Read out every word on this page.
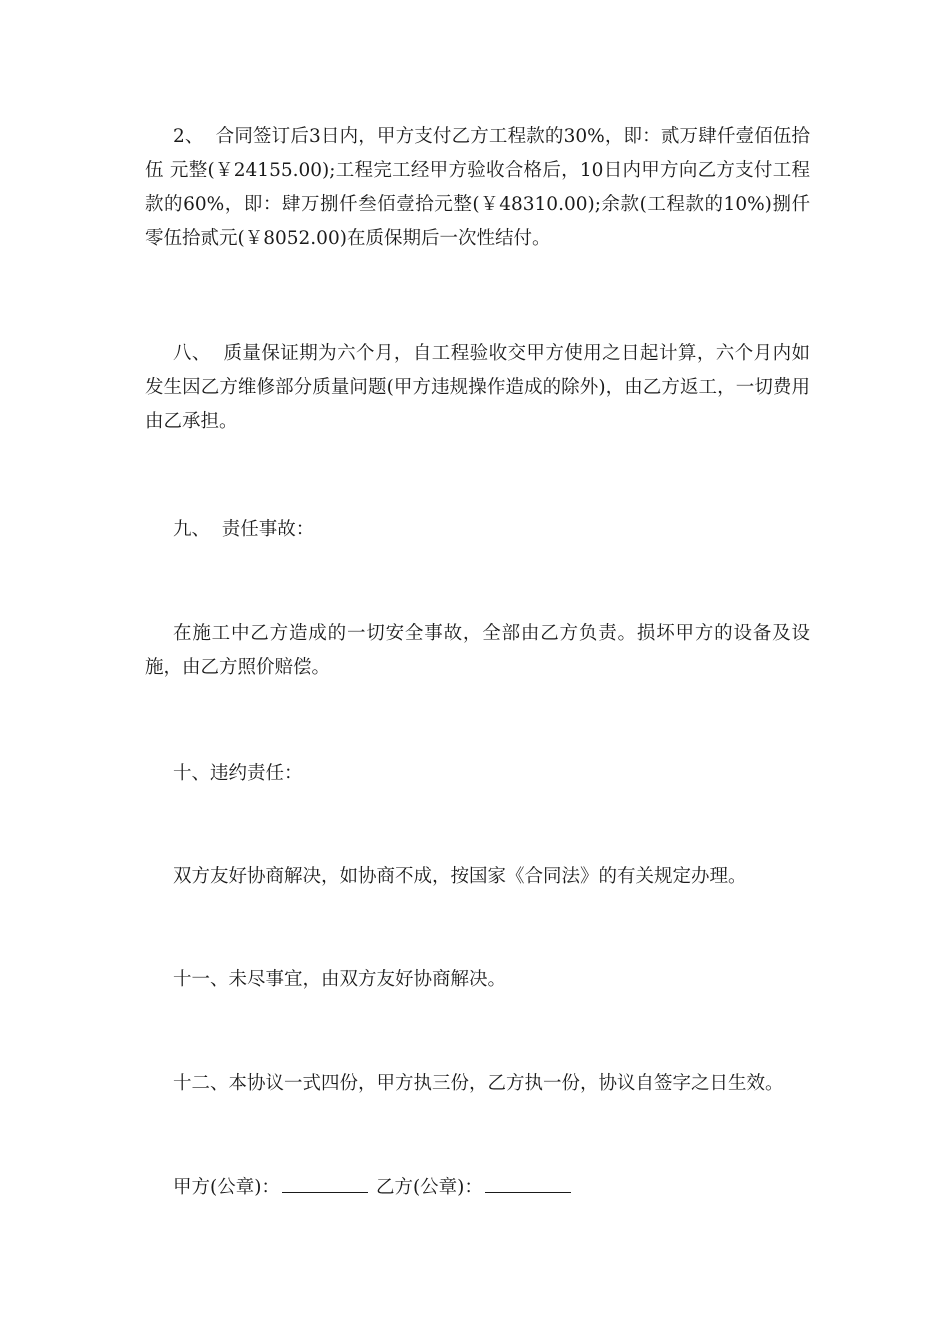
2、  合同签订后3日内，甲方支付乙方工程款的30%，即：贰万肆仟壹佰伍拾伍 元整(￥24155.00);工程完工经甲方验收合格后，10日内甲方向乙方支付工程款的60%，即：肆万捌仟叁佰壹拾元整(￥48310.00);余款(工程款的10%)捌仟零伍拾贰元(￥8052.00)在质保期后一次性结付。

八、  质量保证期为六个月，自工程验收交甲方使用之日起计算，六个月内如发生因乙方维修部分质量问题(甲方违规操作造成的除外)，由乙方返工，一切费用由乙承担。

九、  责任事故：

在施工中乙方造成的一切安全事故，全部由乙方负责。损坏甲方的设备及设施，由乙方照价赔偿。

十、违约责任：

双方友好协商解决，如协商不成，按国家《合同法》的有关规定办理。

十一、未尽事宜，由双方友好协商解决。

十二、本协议一式四份，甲方执三份，乙方执一份，协议自签字之日生效。

甲方(公章)：	乙方(公章)：
